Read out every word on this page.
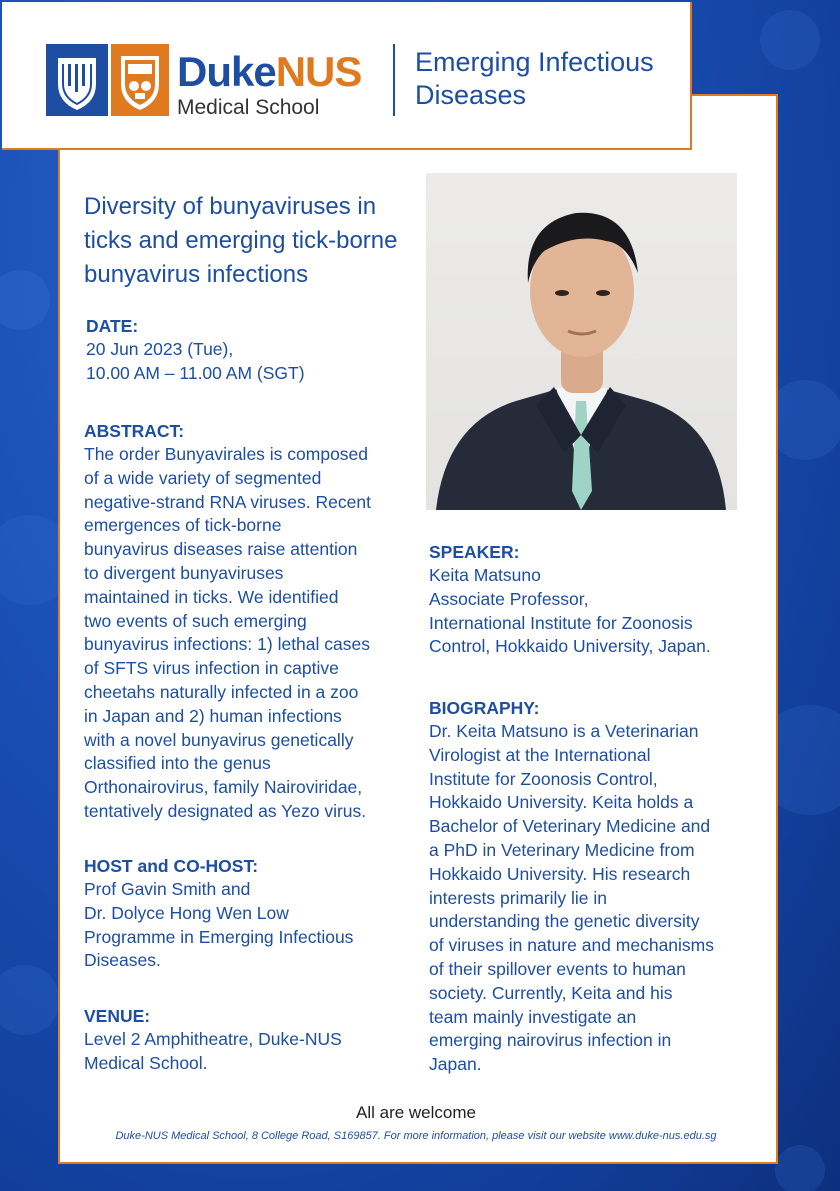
DukeNUS
Medical School
Emerging Infectious
Diseases
Diversity of bunyaviruses in
ticks and emerging tick-borne
bunyavirus infections
DATE:
20 Jun 2023 (Tue),
10.00 AM – 11.00 AM (SGT)
ABSTRACT:
The order Bunyavirales is composed
of a wide variety of segmented
negative-strand RNA viruses. Recent
emergences of tick-borne
bunyavirus diseases raise attention
to divergent bunyaviruses
maintained in ticks. We identified
two events of such emerging
bunyavirus infections: 1) lethal cases
of SFTS virus infection in captive
cheetahs naturally infected in a zoo
in Japan and 2) human infections
with a novel bunyavirus genetically
classified into the genus
Orthonairovirus, family Nairoviridae,
tentatively designated as Yezo virus.
HOST and CO-HOST:
Prof Gavin Smith and
Dr. Dolyce Hong Wen Low
Programme in Emerging Infectious
Diseases.
VENUE:
Level 2 Amphitheatre, Duke-NUS
Medical School.
SPEAKER:
Keita Matsuno
Associate Professor,
International Institute for Zoonosis
Control, Hokkaido University, Japan.
BIOGRAPHY:
Dr. Keita Matsuno is a Veterinarian
Virologist at the International
Institute for Zoonosis Control,
Hokkaido University. Keita holds a
Bachelor of Veterinary Medicine and
a PhD in Veterinary Medicine from
Hokkaido University. His research
interests primarily lie in
understanding the genetic diversity
of viruses in nature and mechanisms
of their spillover events to human
society. Currently, Keita and his
team mainly investigate an
emerging nairovirus infection in
Japan.
All are welcome
Duke-NUS Medical School, 8 College Road, S169857. For more information, please visit our website www.duke-nus.edu.sg
